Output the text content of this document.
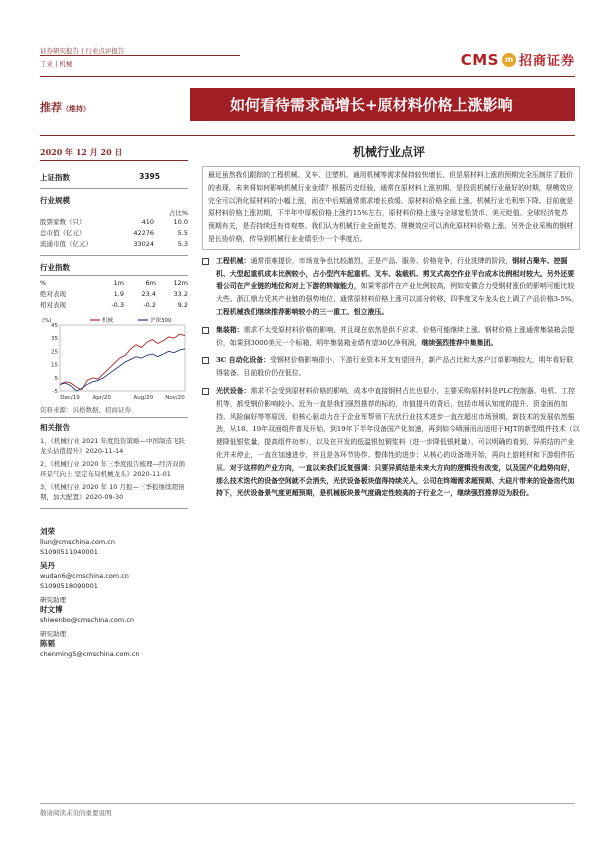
证券研究报告 | 行业点评报告
工业 | 机械	CMS m 招商证券
如何看待需求高增长+原材料价格上涨影响
推荐（维持）
2020 年 12 月 20 日	机械行业点评
上证指数	3395
行业规模
占比%
股票家数（只）	410	10.0
总市值（亿元）	42276	5.5
流通市值（亿元）	33024	5.3
行业指数
%	1m	6m	12m
绝对表现	1.9	23.4	33.2
相对表现	-0.3	-0.2	9.2
(%)
45
35
25
15
5
-5
Dec/19 Apr/20	Aug/20 Nov/20
机械	沪深300
资料来源：贝格数据、招商证券
相关报告
1、《机械行业 2021 年度投资策略—中国制造飞跃　龙头估值提升》2020-11-14
2、《机械行业 2020 年三季度报告梳理—经济双循环景气向上 坚定布局机械龙头》2020-11-01
3、《机械行业 2020 年 10 月报—三季报继续超预期，加大配置》2020-09-30
刘荣
liun@cmschina.com.cn
S1090511040001
吴丹
wudan6@cmschina.com.cn
S1090518090001
研究助理
时文博
shiwenbo@cmschina.com.cn
研究助理
陈韬
chenming5@cmschina.com.cn
最近虽然我们跟踪的工程机械、叉车、注塑机、通用机械等需求保持较快增长，但是原材料上涨的预期完全压制住了股价的表现，未来将如何影响机械行业业绩？根据历史经验，通常在原材料上涨初期，是投资机械行业最好的时期，规模效应完全可以消化原材料的小幅上涨，而在中后期通常需求增长放缓、原材料价格全面上涨，机械行业毛利率下降。目前就是原材料价格上涨初期，下半年中厚板价格上涨约15%左右，原材料价格上涨与全球宽松货币、美元贬值、全球经济复苏预期有关，是否持续还有待观察。我们认为机械行业全面复苏，规模效应可以消化原材料价格上涨，另外企业采购的钢材是长协价格，传导到机械行业业绩至少一个季度后。
工程机械：通常很难提价，市场竞争也比较激烈，正是产品、服务、价格竞争，行业洗牌的阶段，钢材占聚车、挖掘机、大型起重机成本比例较小，占小型汽车起重机、叉车、装载机、剪叉式高空作业平台成本比例相对较大。另外还要看公司在产业链的地位和对上下游的转嫁能力，如果零部件在产业比例较高，例如安徽合力受钢材涨价的影响可能比较大些。浙江鼎力凭其产业链的强势地位，通常原材料价格上涨可以部分转移，四季度叉车龙头也上调了产品价格3-5%。工程机械我们继续推荐影响较小的三一重工、恒立液压。
集装箱：需求不太受原材料价格的影响，并且现在依然是供不应求，价格可能继续上涨。钢材价格上涨通常集装箱会提价，如果到3000美元一个标箱，明年集装箱业绩有望30亿净利润，继续强烈推荐中集集团。
3C 自动化设备：受钢材价格影响很小，下游行业资本开支有望回升，新产品占比和大客户订单影响较大，明年看好联得装备，目前股价仍在低位。
光伏设备：需求不会受到原材料价格的影响，成本中直接钢材占比也很小，主要采购原材料是PLC控制器、电机、工控机等，都受钢价影响较小。近为一直是我们强烈推荐的标的，市值提升的背后，包括市场认知度的提升、资金面的加持、风险偏好等等原因，但核心驱动力在于企业军帮领下光伏行业技术进步一直在超出市场预期，新技术的发展依然强劲，从18、19年双面组件普及开始，到19年下半年设备国产化加速，再到如今喷涌而出适用于HJT的新型组件技术（以便降低银浆量，提高组件功率），以及在开发的低温银包铜浆料（进一步降低银耗量），可以明确的看到，异质结的产业化并未停止，一直在加速进步，并且是各环节协作、整体性的进步；从核心的设备端开始，再向上游耗材和下游组件拓展。对于这样的产业方向，一直以来我们反复强调：只要异质结是未来大方向的逻辑没有改变，以及国产化趋势向好，那么技术迭代的设备空间就不会消失，光伏设备板块值得持续关入，公司在终端需求超预期、大硅片带来的设备迭代加持下，光伏设备景气度更超预期，是机械板块景气度确定性较高的子行业之一，继续强烈推荐迈为股份。
敬请阅读末页的重要说明
